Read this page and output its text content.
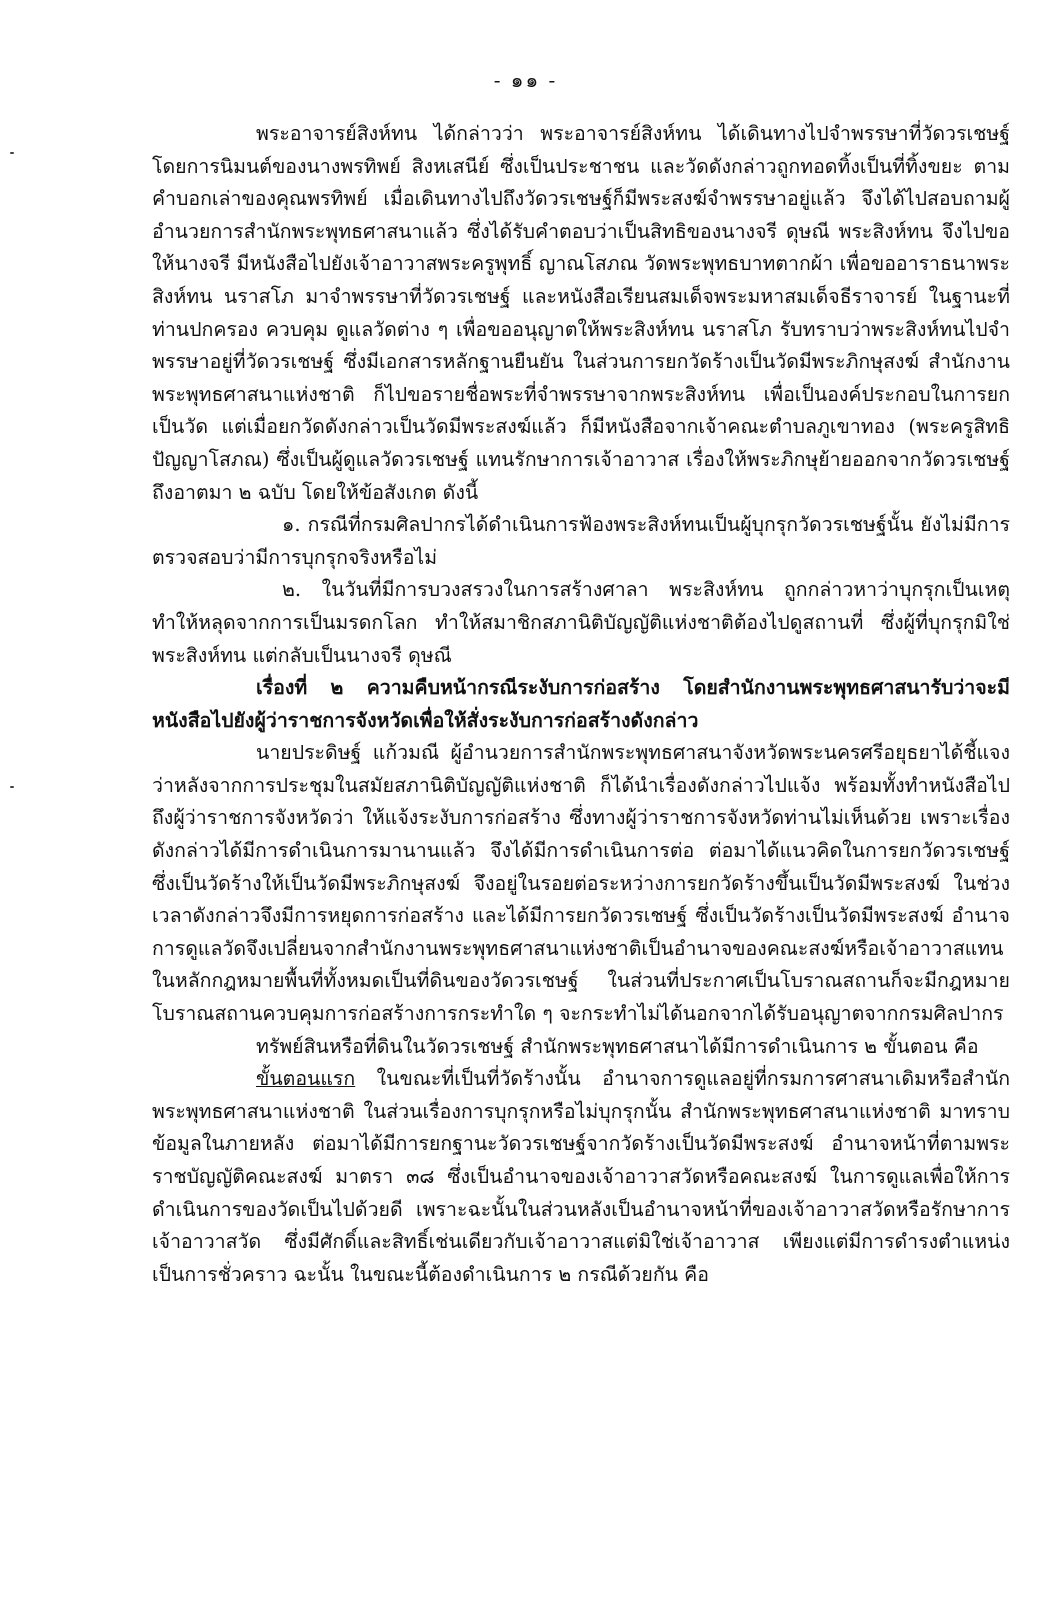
- ๑๑ -

พระอาจารย์สิงห์ทน ได้กล่าวว่า พระอาจารย์สิงห์ทน ได้เดินทางไปจำพรรษาที่วัดวรเชษฐ์ โดยการนิมนต์ของนางพรทิพย์ สิงหเสนีย์ ซึ่งเป็นประชาชน และวัดดังกล่าวถูกทอดทิ้งเป็นที่ทิ้งขยะ ตามคำบอกเล่าของคุณพรทิพย์ เมื่อเดินทางไปถึงวัดวรเชษฐ์ก็มีพระสงฆ์จำพรรษาอยู่แล้ว จึงได้ไปสอบถามผู้อำนวยการสำนักพระพุทธศาสนาแล้ว ซึ่งได้รับคำตอบว่าเป็นสิทธิของนางจรี ดุษณี พระสิงห์ทน จึงไปขอให้นางจรี มีหนังสือไปยังเจ้าอาวาสพระครูพุทธิ์ ญาณโสภณ วัดพระพุทธบาทตากผ้า เพื่อขออาราธนาพระสิงห์ทน นราสโภ มาจำพรรษาที่วัดวรเชษฐ์ และหนังสือเรียนสมเด็จพระมหาสมเด็จธีราจารย์ ในฐานะที่ท่านปกครอง ควบคุม ดูแลวัดต่าง ๆ เพื่อขออนุญาตให้พระสิงห์ทน นราสโภ รับทราบว่าพระสิงห์ทนไปจำพรรษาอยู่ที่วัดวรเชษฐ์ ซึ่งมีเอกสารหลักฐานยืนยัน ในส่วนการยกวัดร้างเป็นวัดมีพระภิกษุสงฆ์ สำนักงานพระพุทธศาสนาแห่งชาติ ก็ไปขอรายชื่อพระที่จำพรรษาจากพระสิงห์ทน เพื่อเป็นองค์ประกอบในการยกเป็นวัด แต่เมื่อยกวัดดังกล่าวเป็นวัดมีพระสงฆ์แล้ว ก็มีหนังสือจากเจ้าคณะตำบลภูเขาทอง (พระครูสิทธิปัญญาโสภณ) ซึ่งเป็นผู้ดูแลวัดวรเชษฐ์ แทนรักษาการเจ้าอาวาส เรื่องให้พระภิกษุย้ายออกจากวัดวรเชษฐ์ ถึงอาตมา ๒ ฉบับ โดยให้ข้อสังเกต ดังนี้

๑. กรณีที่กรมศิลปากรได้ดำเนินการฟ้องพระสิงห์ทนเป็นผู้บุกรุกวัดวรเชษฐ์นั้น ยังไม่มีการตรวจสอบว่ามีการบุกรุกจริงหรือไม่

๒. ในวันที่มีการบวงสรวงในการสร้างศาลา พระสิงห์ทน ถูกกล่าวหาว่าบุกรุกเป็นเหตุทำให้หลุดจากการเป็นมรดกโลก ทำให้สมาชิกสภานิติบัญญัติแห่งชาติต้องไปดูสถานที่ ซึ่งผู้ที่บุกรุกมิใช่พระสิงห์ทน แต่กลับเป็นนางจรี ดุษณี

เรื่องที่ ๒ ความคืบหน้ากรณีระงับการก่อสร้าง โดยสำนักงานพระพุทธศาสนารับว่าจะมีหนังสือไปยังผู้ว่าราชการจังหวัดเพื่อให้สั่งระงับการก่อสร้างดังกล่าว

นายประดิษฐ์ แก้วมณี ผู้อำนวยการสำนักพระพุทธศาสนาจังหวัดพระนครศรีอยุธยาได้ชี้แจงว่าหลังจากการประชุมในสมัยสภานิติบัญญัติแห่งชาติ ก็ได้นำเรื่องดังกล่าวไปแจ้ง พร้อมทั้งทำหนังสือไปถึงผู้ว่าราชการจังหวัดว่า ให้แจ้งระงับการก่อสร้าง ซึ่งทางผู้ว่าราชการจังหวัดท่านไม่เห็นด้วย เพราะเรื่องดังกล่าวได้มีการดำเนินการมานานแล้ว จึงได้มีการดำเนินการต่อ ต่อมาได้แนวคิดในการยกวัดวรเชษฐ์ ซึ่งเป็นวัดร้างให้เป็นวัดมีพระภิกษุสงฆ์ จึงอยู่ในรอยต่อระหว่างการยกวัดร้างขึ้นเป็นวัดมีพระสงฆ์ ในช่วงเวลาดังกล่าวจึงมีการหยุดการก่อสร้าง และได้มีการยกวัดวรเชษฐ์ ซึ่งเป็นวัดร้างเป็นวัดมีพระสงฆ์ อำนาจการดูแลวัดจึงเปลี่ยนจากสำนักงานพระพุทธศาสนาแห่งชาติเป็นอำนาจของคณะสงฆ์หรือเจ้าอาวาสแทน ในหลักกฎหมายพื้นที่ทั้งหมดเป็นที่ดินของวัดวรเชษฐ์ ในส่วนที่ประกาศเป็นโบราณสถานก็จะมีกฎหมายโบราณสถานควบคุมการก่อสร้างการกระทำใด ๆ จะกระทำไม่ได้นอกจากได้รับอนุญาตจากกรมศิลปากร

ทรัพย์สินหรือที่ดินในวัดวรเชษฐ์ สำนักพระพุทธศาสนาได้มีการดำเนินการ ๒ ขั้นตอน คือ

ขั้นตอนแรก ในขณะที่เป็นที่วัดร้างนั้น อำนาจการดูแลอยู่ที่กรมการศาสนาเดิมหรือสำนักพระพุทธศาสนาแห่งชาติ ในส่วนเรื่องการบุกรุกหรือไม่บุกรุกนั้น สำนักพระพุทธศาสนาแห่งชาติ มาทราบข้อมูลในภายหลัง ต่อมาได้มีการยกฐานะวัดวรเชษฐ์จากวัดร้างเป็นวัดมีพระสงฆ์ อำนาจหน้าที่ตามพระราชบัญญัติคณะสงฆ์ มาตรา ๓๘ ซึ่งเป็นอำนาจของเจ้าอาวาสวัดหรือคณะสงฆ์ ในการดูแลเพื่อให้การดำเนินการของวัดเป็นไปด้วยดี เพราะฉะนั้นในส่วนหลังเป็นอำนาจหน้าที่ของเจ้าอาวาสวัดหรือรักษาการเจ้าอาวาสวัด ซึ่งมีศักดิ์และสิทธิ์เช่นเดียวกับเจ้าอาวาสแต่มิใช่เจ้าอาวาส เพียงแต่มีการดำรงตำแหน่งเป็นการชั่วคราว ฉะนั้น ในขณะนี้ต้องดำเนินการ ๒ กรณีด้วยกัน คือ
